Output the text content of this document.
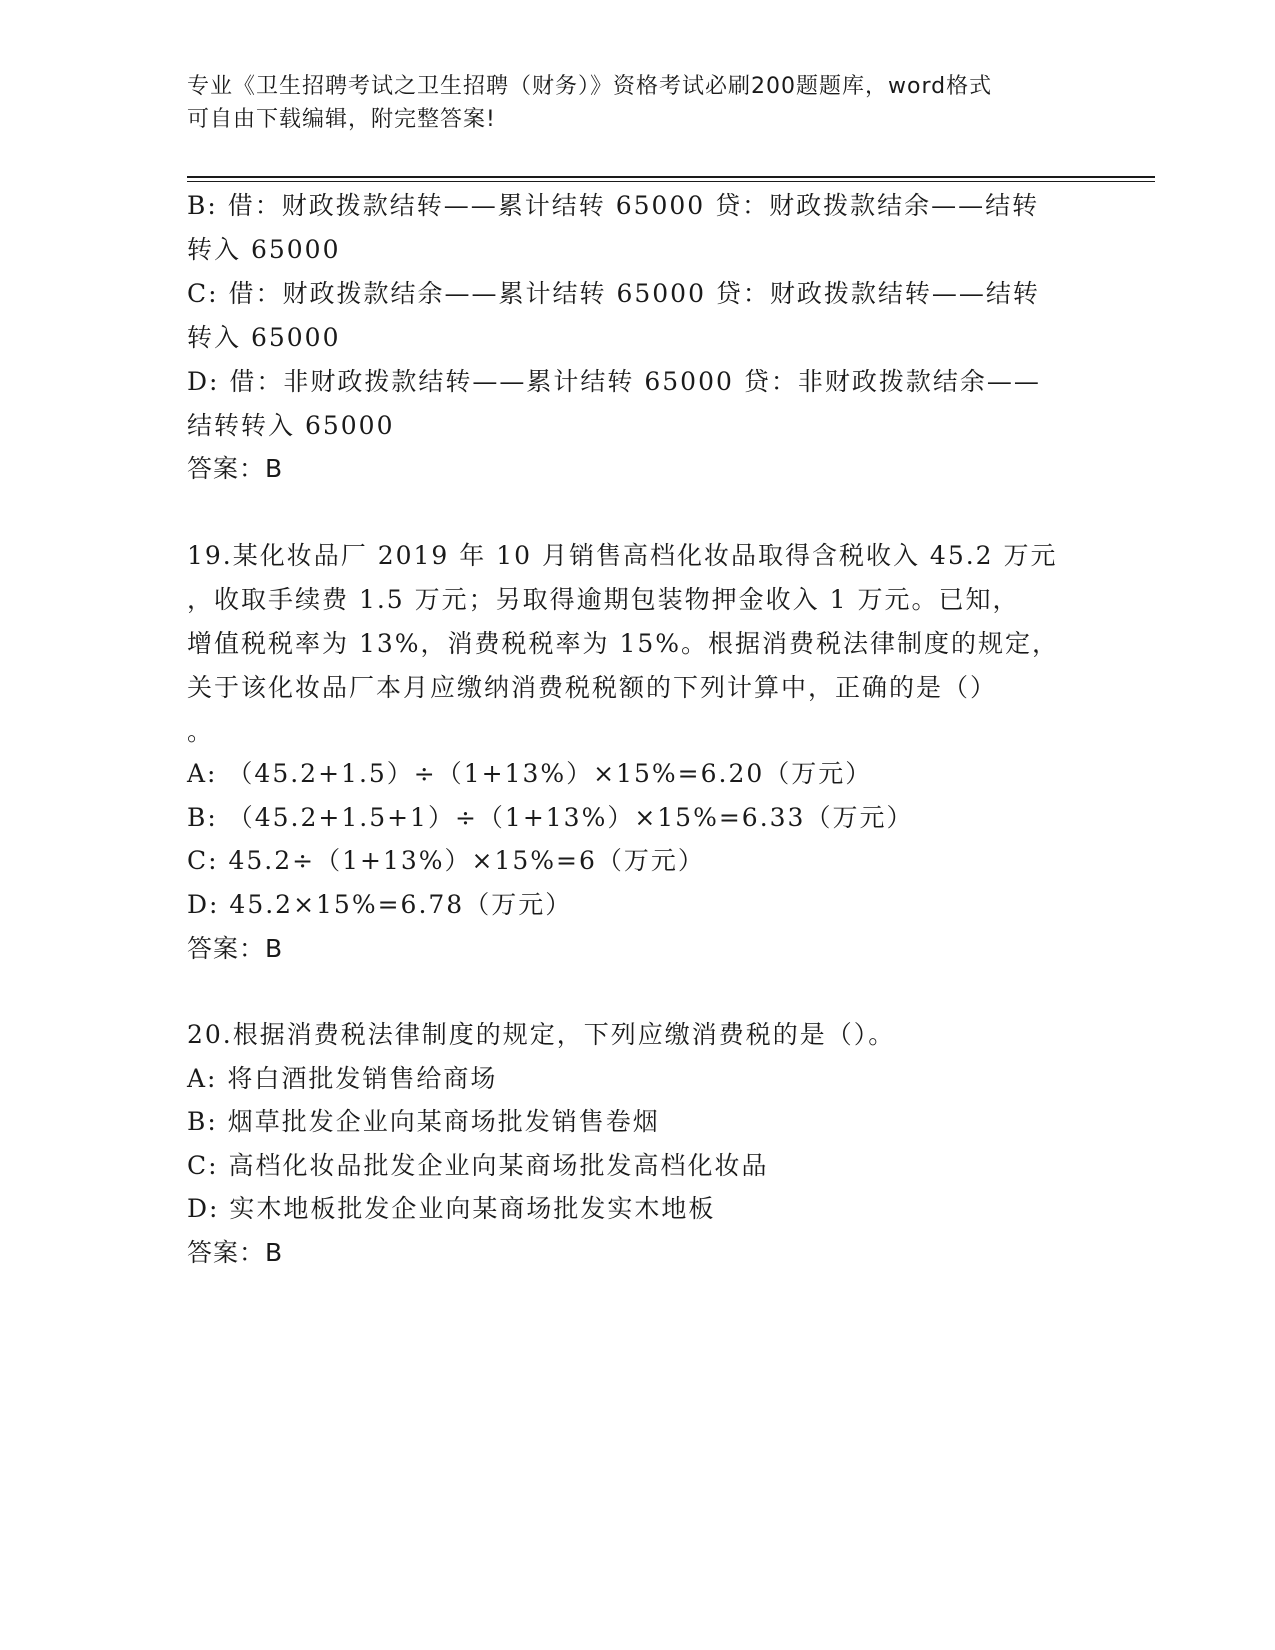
专业《卫生招聘考试之卫生招聘（财务）》资格考试必刷200题题库，word格式
可自由下载编辑，附完整答案!
B: 借：财政拨款结转——累计结转 65000 贷：财政拨款结余——结转
转入 65000
C: 借：财政拨款结余——累计结转 65000 贷：财政拨款结转——结转
转入 65000
D: 借：非财政拨款结转——累计结转 65000 贷：非财政拨款结余——
结转转入 65000
答案：B
19.某化妆品厂 2019 年 10 月销售高档化妆品取得含税收入 45.2 万元
，收取手续费 1.5 万元；另取得逾期包装物押金收入 1 万元。已知，
增值税税率为 13%，消费税税率为 15%。根据消费税法律制度的规定，
关于该化妆品厂本月应缴纳消费税税额的下列计算中，正确的是（）
。
A: （45.2+1.5）÷（1+13%）×15%=6.20（万元）
B: （45.2+1.5+1）÷（1+13%）×15%=6.33（万元）
C: 45.2÷（1+13%）×15%=6（万元）
D: 45.2×15%=6.78（万元）
答案：B
20.根据消费税法律制度的规定，下列应缴消费税的是（）。
A: 将白酒批发销售给商场
B: 烟草批发企业向某商场批发销售卷烟
C: 高档化妆品批发企业向某商场批发高档化妆品
D: 实木地板批发企业向某商场批发实木地板
答案：B
